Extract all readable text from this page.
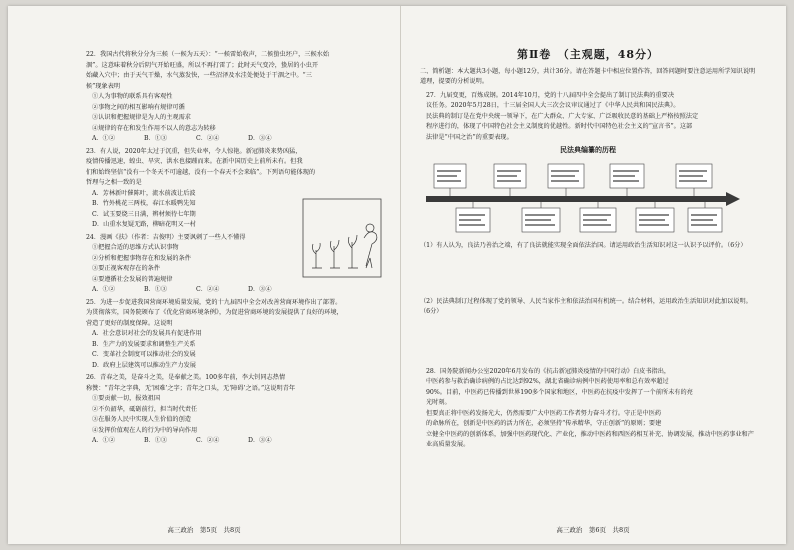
22．我国古代将秋分分为三候（一候为五天）：“一候雷始收声，二候蛰虫坯户，三候水始
涸”。这意味着秋分后阴气开始旺盛，所以不再打雷了；此时天气变冷，蛰居的小虫开
始藏入穴中；由于天气干燥，水气蒸发快，一些沼泽及水洼处便处于干涸之中。“三
候”现象表明
①人为事物的联系具有客观性
②事物之间的相互影响有规律可循
③认识和把握规律是为人的主观需求
④规律的存在和发生作用不以人的意志为转移
A．①②	B．①③	C．②④	D．③④
23．有人说，2020年太过于沉重，但失业率，令人惊艳。新冠肺炎来势凶猛，
疫情传播迅速，蝗虫、旱灾、洪水也接踵而来。在新中国历史上前所未有。但我
们和始终坚信“没有一个冬天不可逾越，没有一个春天不会来临”。下列语句能体现的
哲理与之相一致的是
A．芳林新叶催陈叶，流水前波让后波
B．竹外桃花三两枝，春江水暖鸭先知
C．试玉要烧三日满，辨材须待七年期
D．山重水复疑无路，柳暗花明又一村
24．漫画《扶》（作者：吉俊明）主要讽刺了一些人不懂得
①把握合适的思维方式认识事物
②分析和把握事物存在和发展的条件
③要正视客观存在的条件
④要遵循社会发展的普遍规律
A．①②	B．①③	C．②④	D．③④
25．为进一步促进我国营商环境质量发展，党的十九届四中全会对改善营商环境作出了部署。
为贯彻落实，国务院颁布了《优化营商环境条例》，为促进营商环境的发展提供了良好的环境，
营造了更好的制度保障。这说明
A．社会意识对社会的发展具有促进作用
B．生产力的发展要求和调整生产关系
C．变革社会制度可以推动社会的发展
D．政府上层建筑可以推动生产力发展
26．青春之美，是奋斗之美，是奉献之美。100多年前，李大钊同志热情
称赞：“青年之字典，无‘困难’之字；青年之口头，无‘障碍’之语。”这说明青年
①要贡献一切，报效祖国
②不负韶华，砥砺前行，担当时代责任
③在服务人民中实现人生价值的创造
④发挥价值观在人的行为中的导向作用
A．①②	B．①③	C．②④	D．③④
高三政治　第5页　共8页
第Ⅱ卷　（主观题，48分）
二、简析题：本大题共3小题，每小题12分，共计36分。请在答题卡中相应位置作答，回答问题时要注意运用所学知识说明道理，提要的分析说明。
27．九届变更，百炼成钢。2014年10月，党的十八届四中全会提出了制订民法典的重要决
议任务。2020年5月28日，十三届全国人大三次会议审议通过了《中华人民共和国民法典》。
民法典的制订是在党中央统一领导下，在广大群众、广大专家、广泛吸收民意的基础上严格按照法定
程序进行的，体现了中国特色社会主义制度的优越性。新时代中国特色社会主义的“宣言书”。这部
法律是“中国之治”的重要表现。
民法典编纂的历程
（1）有人认为，良法乃善治之端，有了良法就能实现全面依法治国。请运用政治生活知识对这一认识予以评价。（6分）
（2）民法典制订过程体现了党的领导、人民当家作主和依法治国有机统一。结合材料，运用政治生活知识对此加以说明。（6分）
28．国务院新闻办公室2020年6月发布的《抗击新冠肺炎疫情的中国行动》白皮书指出，
中医药参与救治确诊病例的占比达到92%，湖北省确诊病例中医药使用率和总有效率超过
90%。目前，中医药已传播到世界190多个国家和地区，中医药在抗疫中发挥了一个前所未有的亮
光时刻。
但要真正将中医药发扬光大，仍然需要广大中医药工作者努力奋斗才行。守正是中医药
的命脉所在，创新是中医药的活力所在，必须坚持“传承精华，守正创新”的原则；要建
立健全中医药的创新体系，加强中医药现代化、产业化，推动中医药和西医药相互补充、协调发展，推动中医药事业和产业高质量发展。
高三政治　第6页　共8页
